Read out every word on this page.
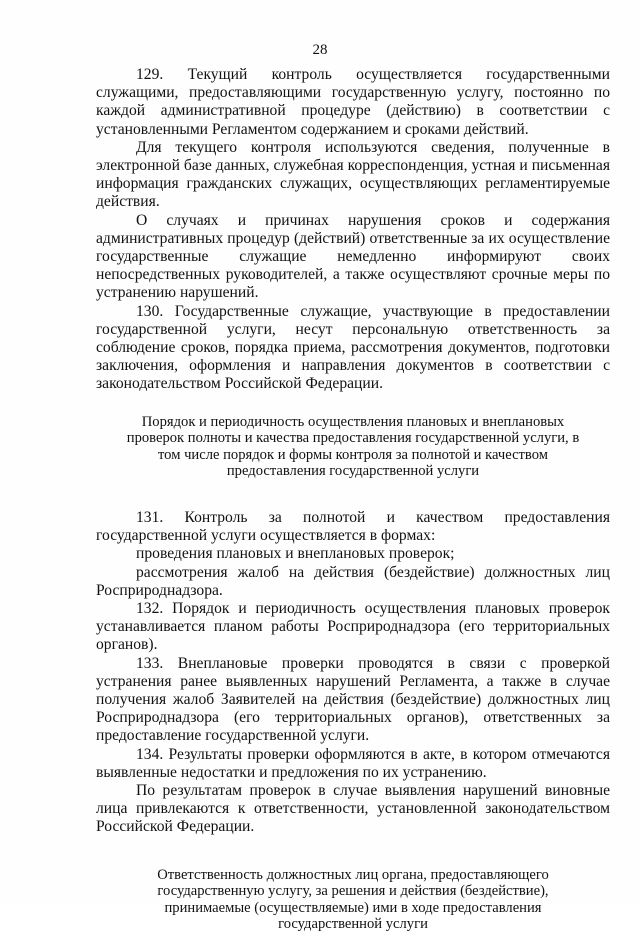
28

129. Текущий контроль осуществляется государственными служащими, предоставляющими государственную услугу, постоянно по каждой административной процедуре (действию) в соответствии с установленными Регламентом содержанием и сроками действий.

Для текущего контроля используются сведения, полученные в электронной базе данных, служебная корреспонденция, устная и письменная информация гражданских служащих, осуществляющих регламентируемые действия.

О случаях и причинах нарушения сроков и содержания административных процедур (действий) ответственные за их осуществление государственные служащие немедленно информируют своих непосредственных руководителей, а также осуществляют срочные меры по устранению нарушений.

130. Государственные служащие, участвующие в предоставлении государственной услуги, несут персональную ответственность за соблюдение сроков, порядка приема, рассмотрения документов, подготовки заключения, оформления и направления документов в соответствии с законодательством Российской Федерации.

Порядок и периодичность осуществления плановых и внеплановых проверок полноты и качества предоставления государственной услуги, в том числе порядок и формы контроля за полнотой и качеством предоставления государственной услуги

131. Контроль за полнотой и качеством предоставления государственной услуги осуществляется в формах:

проведения плановых и внеплановых проверок;

рассмотрения жалоб на действия (бездействие) должностных лиц Росприроднадзора.

132. Порядок и периодичность осуществления плановых проверок устанавливается планом работы Росприроднадзора (его территориальных органов).

133. Внеплановые проверки проводятся в связи с проверкой устранения ранее выявленных нарушений Регламента, а также в случае получения жалоб Заявителей на действия (бездействие) должностных лиц Росприроднадзора (его территориальных органов), ответственных за предоставление государственной услуги.

134. Результаты проверки оформляются в акте, в котором отмечаются выявленные недостатки и предложения по их устранению.

По результатам проверок в случае выявления нарушений виновные лица привлекаются к ответственности, установленной законодательством Российской Федерации.

Ответственность должностных лиц органа, предоставляющего государственную услугу, за решения и действия (бездействие), принимаемые (осуществляемые) ими в ходе предоставления государственной услуги
